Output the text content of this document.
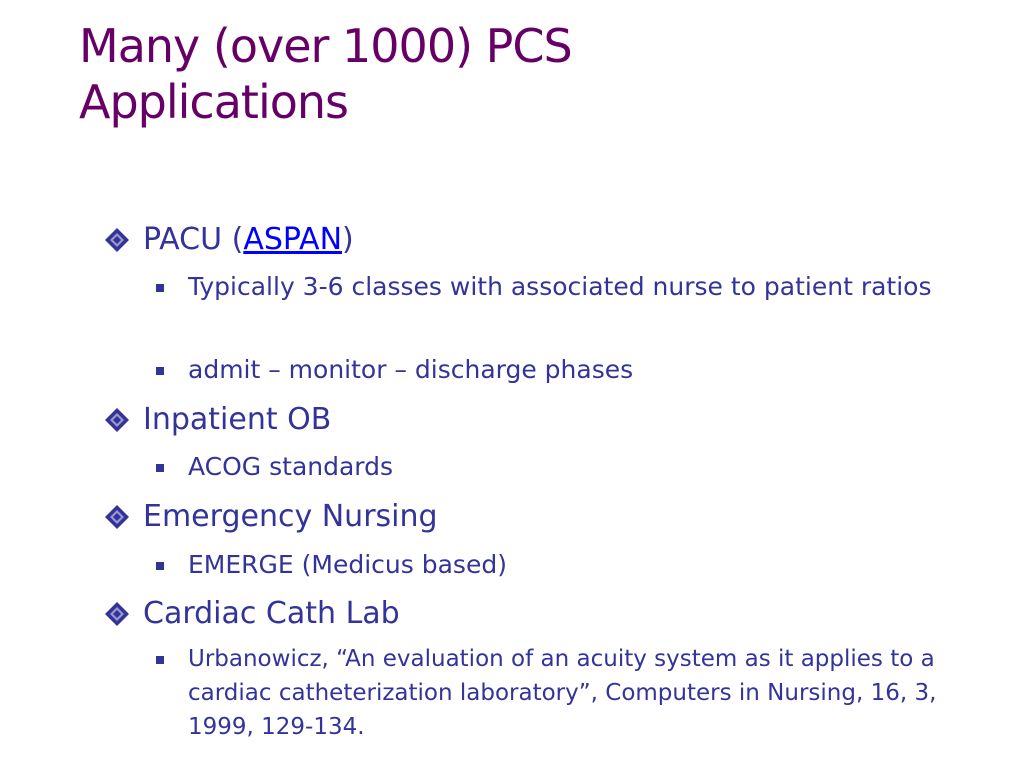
Many (over 1000) PCS
Applications
PACU ( ASPAN )
Typically 3-6 classes with associated nurse to patient ratios
admit – monitor – discharge phases
Inpatient OB
ACOG standards
Emergency Nursing
EMERGE (Medicus based)
Cardiac Cath Lab
Urbanowicz, “An evaluation of an acuity system as it applies to a cardiac catheterization laboratory”, Computers in Nursing, 16, 3, 1999, 129-134.
